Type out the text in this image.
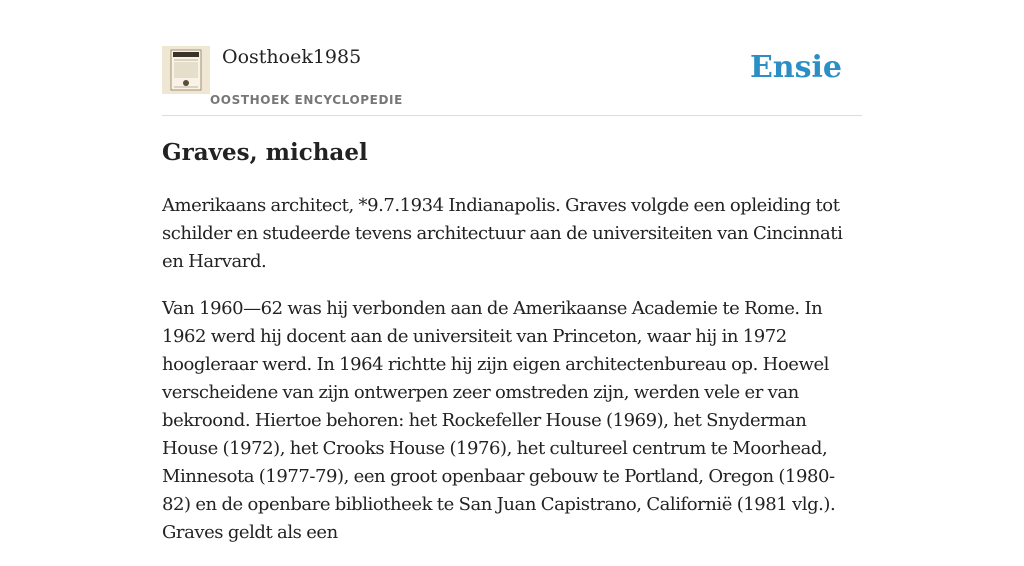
Oosthoek1985
OOSTHOEK ENCYCLOPEDIE
Ensie
Graves, michael

Amerikaans architect, *9.7.1934 Indianapolis. Graves volgde een opleiding tot schilder en studeerde tevens architectuur aan de universiteiten van Cincinnati en Harvard.

Van 1960—62 was hij verbonden aan de Amerikaanse Academie te Rome. In 1962 werd hij docent aan de universiteit van Princeton, waar hij in 1972 hoogleraar werd. In 1964 richtte hij zijn eigen architectenbureau op. Hoewel verscheidene van zijn ontwerpen zeer omstreden zijn, werden vele er van bekroond. Hiertoe behoren: het Rockefeller House (1969), het Snyderman House (1972), het Crooks House (1976), het cultureel centrum te Moorhead, Minnesota (1977-79), een groot openbaar gebouw te Portland, Oregon (1980-82) en de openbare bibliotheek te San Juan Capistrano, Californië (1981 vlg.). Graves geldt als een
